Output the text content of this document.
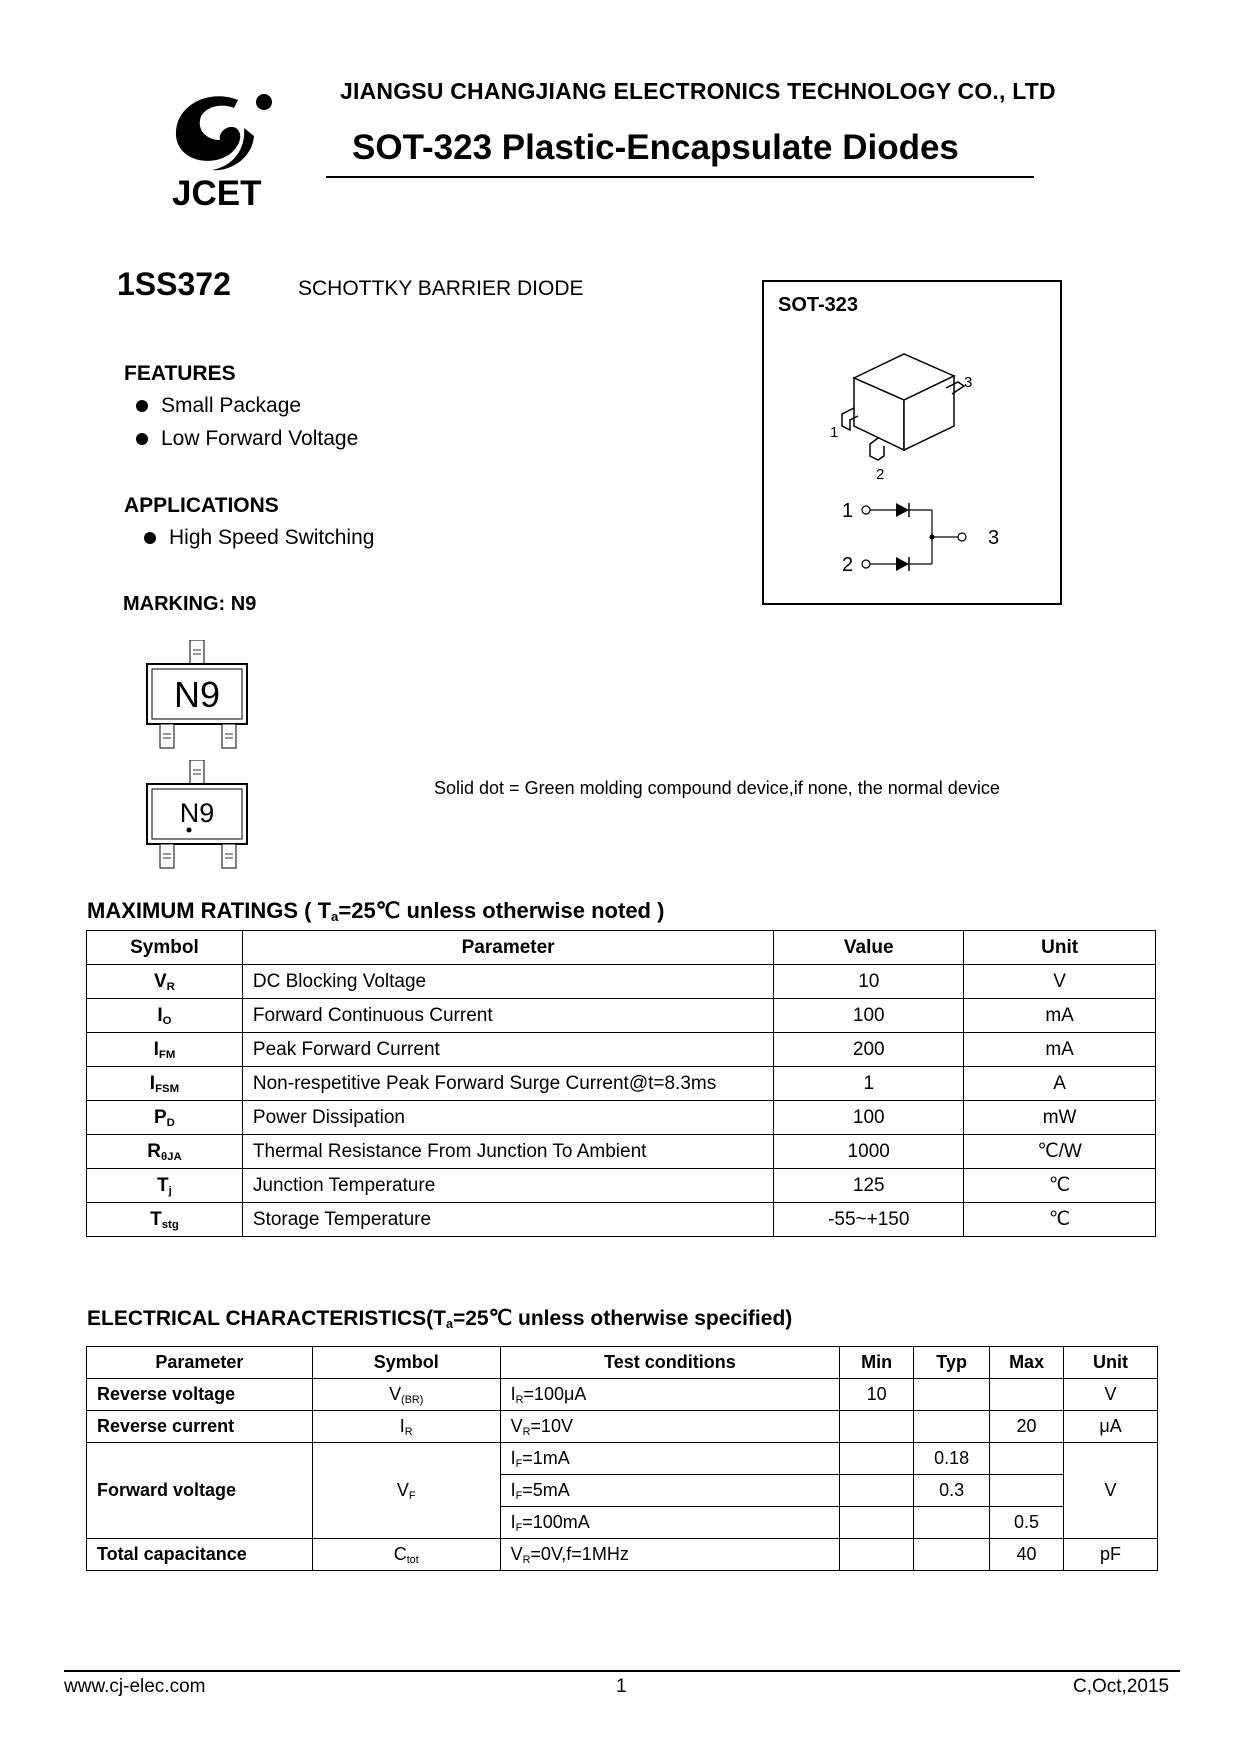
JCET
JIANGSU CHANGJIANG ELECTRONICS TECHNOLOGY CO., LTD
SOT-323 Plastic-Encapsulate Diodes
1SS372	SCHOTTKY BARRIER DIODE
FEATURES
Small Package
Low Forward Voltage
APPLICATIONS
High Speed Switching
MARKING: N9
N9
N9
Solid dot = Green molding compound device,if none, the normal device
SOT-323
1
2
3
1
2
3
MAXIMUM RATINGS ( $T_a=25℃$ unless otherwise noted )
Symbol	Parameter	Value	Unit
$V_R$	DC Blocking Voltage	10	V
$I_O$	Forward Continuous Current	100	mA
$I_{FM}$	Peak Forward Current	200	mA
$I_{FSM}$	Non-respetitive Peak Forward Surge Current@t=8.3ms	1	A
$P_D$	Power Dissipation	100	mW
$R_{\theta JA}$	Thermal Resistance From Junction To Ambient	1000	℃/W
$T_j$	Junction Temperature	125	℃
$T_{stg}$	Storage Temperature	-55~+150	℃
ELECTRICAL $CHARACTERISTICS(T_a=25℃$ unless otherwise specified)
Parameter	Symbol	Test conditions	Min	Typ	Max	Unit
Reverse voltage	$V_{(BR)}$	$I_R=100\mu A$	10			V
Reverse current	$I_R$	$V_R=10V$			20	μA
Forward voltage	$V_F$	$I_F=1mA$		0.18		V
		$I_F=5mA$		0.3		
		$I_F=100mA$			0.5	
Total capacitance	$C_{tot}$	$V_R=0V,f=1MHz$			40	pF
www.cj-elec.com	1	C,Oct,2015
